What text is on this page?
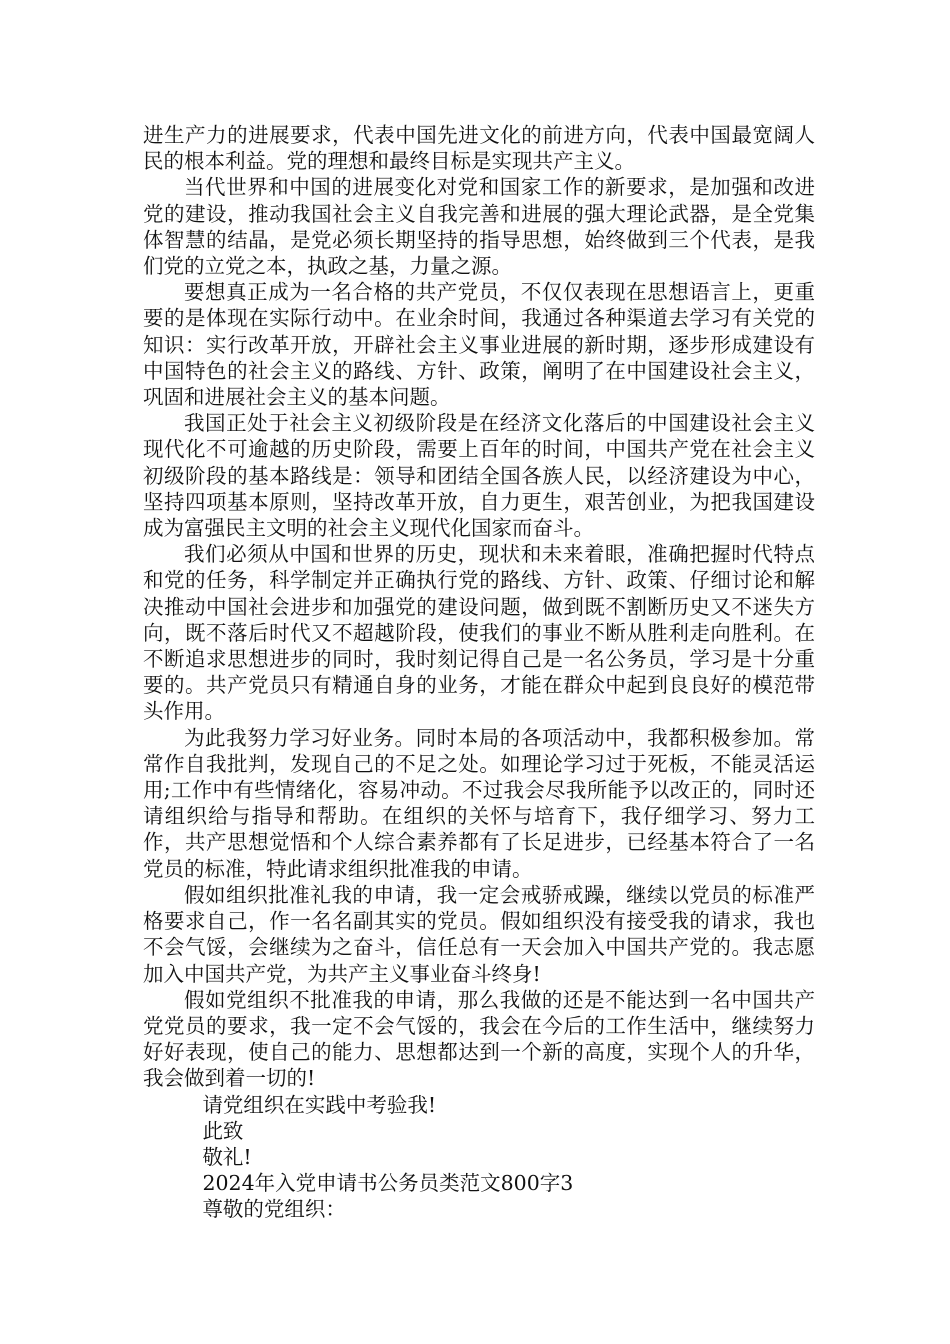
进生产力的进展要求，代表中国先进文化的前进方向，代表中国最宽阔人民的根本利益。党的理想和最终目标是实现共产主义。

当代世界和中国的进展变化对党和国家工作的新要求，是加强和改进党的建设，推动我国社会主义自我完善和进展的强大理论武器，是全党集体智慧的结晶，是党必须长期坚持的指导思想，始终做到三个代表，是我们党的立党之本，执政之基，力量之源。

要想真正成为一名合格的共产党员，不仅仅表现在思想语言上，更重要的是体现在实际行动中。在业余时间，我通过各种渠道去学习有关党的知识：实行改革开放，开辟社会主义事业进展的新时期，逐步形成建设有中国特色的社会主义的路线、方针、政策，阐明了在中国建设社会主义，巩固和进展社会主义的基本问题。

我国正处于社会主义初级阶段是在经济文化落后的中国建设社会主义现代化不可逾越的历史阶段，需要上百年的时间，中国共产党在社会主义初级阶段的基本路线是：领导和团结全国各族人民，以经济建设为中心，坚持四项基本原则，坚持改革开放，自力更生，艰苦创业，为把我国建设成为富强民主文明的社会主义现代化国家而奋斗。

我们必须从中国和世界的历史，现状和未来着眼，准确把握时代特点和党的任务，科学制定并正确执行党的路线、方针、政策、仔细讨论和解决推动中国社会进步和加强党的建设问题，做到既不割断历史又不迷失方向，既不落后时代又不超越阶段，使我们的事业不断从胜利走向胜利。在不断追求思想进步的同时，我时刻记得自己是一名公务员，学习是十分重要的。共产党员只有精通自身的业务，才能在群众中起到良良好的模范带头作用。

为此我努力学习好业务。同时本局的各项活动中，我都积极参加。常常作自我批判，发现自己的不足之处。如理论学习过于死板，不能灵活运用;工作中有些情绪化，容易冲动。不过我会尽我所能予以改正的，同时还请组织给与指导和帮助。在组织的关怀与培育下，我仔细学习、努力工作，共产思想觉悟和个人综合素养都有了长足进步，已经基本符合了一名党员的标准，特此请求组织批准我的申请。

假如组织批准礼我的申请，我一定会戒骄戒躁，继续以党员的标准严格要求自己，作一名名副其实的党员。假如组织没有接受我的请求，我也不会气馁，会继续为之奋斗，信任总有一天会加入中国共产党的。我志愿加入中国共产党，为共产主义事业奋斗终身!

假如党组织不批准我的申请，那么我做的还是不能达到一名中国共产党党员的要求，我一定不会气馁的，我会在今后的工作生活中，继续努力好好表现，使自己的能力、思想都达到一个新的高度，实现个人的升华，我会做到着一切的!

请党组织在实践中考验我!

此致

敬礼!

2024年入党申请书公务员类范文800字3

尊敬的党组织：
